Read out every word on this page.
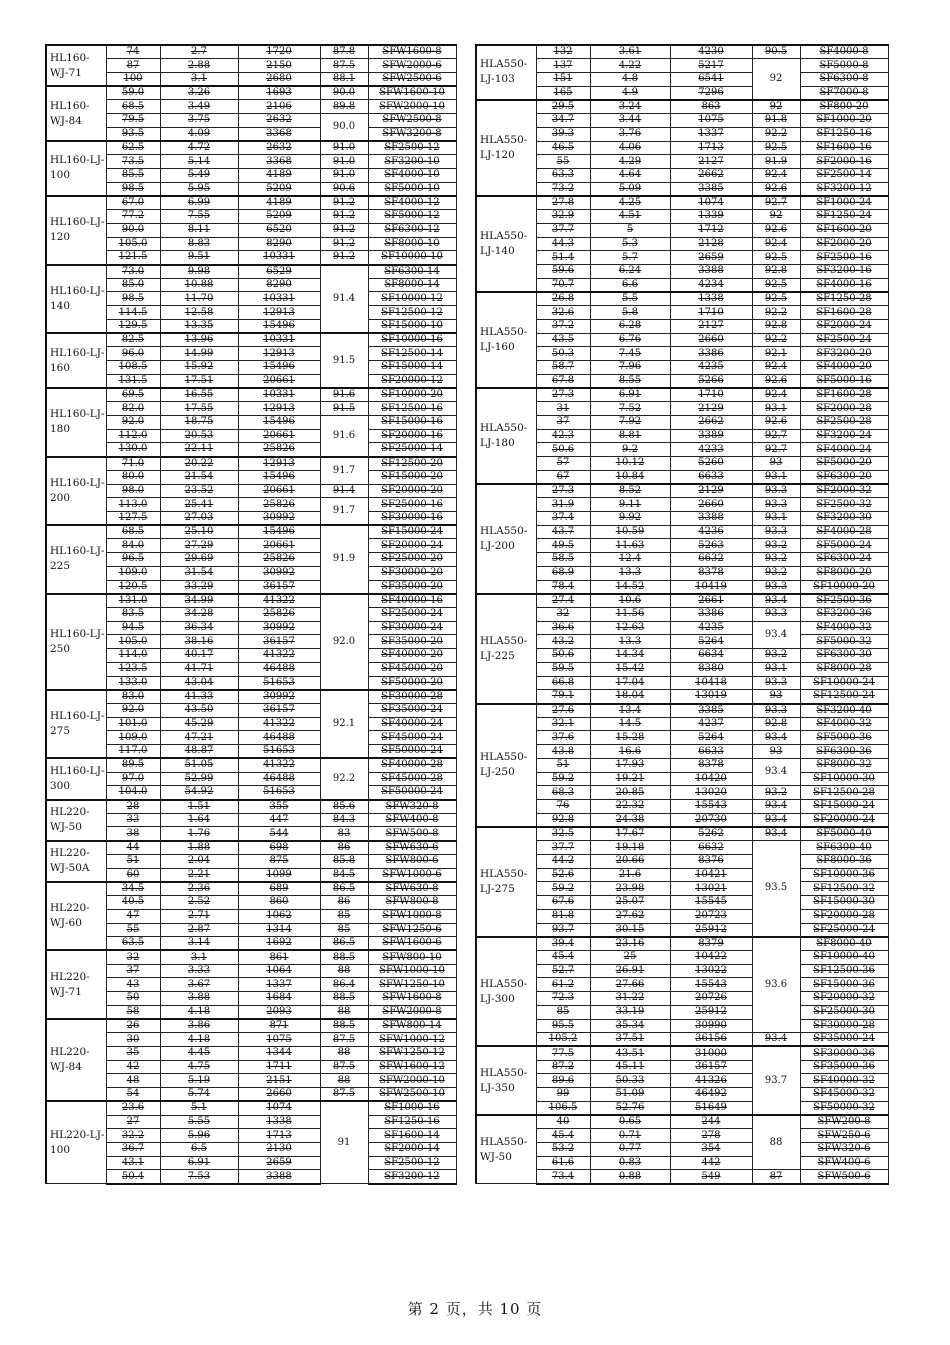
HL160-WJ-71	74	2.7	1720	87.8	SFW1600-8
	87	2.88	2150	87.5	SFW2000-6
	100	3.1	2680	88.1	SFW2500-6
HL160-WJ-84	59.0	3.26	1693	90.0	SFW1600-10
	68.5	3.49	2106	89.8	SFW2000-10
	79.5	3.75	2632	90.0	SFW2500-8
	93.5	4.09	3368		SFW3200-8
HL160-LJ-100	62.5	4.72	2632	91.0	SF2500-12
	73.5	5.14	3368	91.0	SF3200-10
	85.5	5.49	4189	91.0	SF4000-10
	98.5	5.95	5209	90.6	SF5000-10
HL160-LJ-120	67.0	6.99	4189	91.2	SF4000-12
	77.2	7.55	5209	91.2	SF5000-12
	90.0	8.11	6520	91.2	SF6300-12
	105.0	8.83	8290	91.2	SF8000-10
	121.5	9.51	10331	91.2	SF10000-10
HL160-LJ-140	73.0	9.98	6529	91.4	SF6300-14
	85.0	10.88	8290		SF8000-14
	98.5	11.70	10331		SF10000-12
	114.5	12.58	12913		SF12500-12
	129.5	13.35	15496		SF15000-10
HL160-LJ-160	82.5	13.96	10331	91.5	SF10000-16
	96.0	14.99	12913		SF12500-14
	108.5	15.92	15496		SF15000-14
	131.5	17.51	20661		SF20000-12
HL160-LJ-180	69.5	16.55	10331	91.6	SF10000-20
	82.0	17.55	12913	91.5	SF12500-16
	92.0	18.75	15496	91.6	SF15000-16
	112.0	20.53	20661		SF20000-16
	130.0	22.11	25826		SF25000-14
HL160-LJ-200	71.0	20.22	12913	91.7	SF12500-20
	80.0	21.54	15496		SF15000-20
	98.0	23.52	20661	91.4	SF20000-20
	113.0	25.41	25826	91.7	SF25000-16
	127.5	27.03	30992		SF30000-16
HL160-LJ-225	68.5	25.10	15496	91.9	SF15000-24
	84.0	27.29	20661		SF20000-24
	96.5	29.69	25826		SF25000-20
	109.0	31.54	30992		SF30000-20
	120.5	33.29	36157		SF35000-20
HL160-LJ-250	131.0	34.99	41322	92.0	SF40000-16
	83.5	34.28	25826		SF25000-24
	94.5	36.34	30992		SF30000-24
	105.0	38.16	36157		SF35000-20
	114.0	40.17	41322		SF40000-20
	123.5	41.71	46488		SF45000-20
	133.0	43.04	51653		SF50000-20
HL160-LJ-275	83.0	41.33	30992	92.1	SF30000-28
	92.0	43.50	36157		SF35000-24
	101.0	45.29	41322		SF40000-24
	109.0	47.21	46488		SF45000-24
	117.0	48.87	51653		SF50000-24
HL160-LJ-300	89.5	51.05	41322	92.2	SF40000-28
	97.0	52.99	46488		SF45000-28
	104.0	54.92	51653		SF50000-24
HL220-WJ-50	28	1.51	355	85.6	SFW320-8
	33	1.64	447	84.3	SFW400-8
	38	1.76	544	83	SFW500-8
HL220-WJ-50A	44	1.88	698	86	SFW630-6
	51	2.04	875	85.8	SFW800-6
	60	2.21	1099	84.5	SFW1000-6
HL220-WJ-60	34.5	2.36	689	86.5	SFW630-8
	40.5	2.52	860	86	SFW800-8
	47	2.71	1062	85	SFW1000-8
	55	2.87	1314	85	SFW1250-6
	63.5	3.14	1692	86.5	SFW1600-6
HL220-WJ-71	32	3.1	861	88.5	SFW800-10
	37	3.33	1064	88	SFW1000-10
	43	3.67	1337	86.4	SFW1250-10
	50	3.88	1684	88.5	SFW1600-8
	58	4.18	2093	88	SFW2000-8
HL220-WJ-84	26	3.86	871	88.5	SFW800-14
	30	4.18	1075	87.5	SFW1000-12
	35	4.45	1344	88	SFW1250-12
	42	4.75	1711	87.5	SFW1600-12
	48	5.19	2151	88	SFW2000-10
	54	5.74	2660	87.5	SFW2500-10
HL220-LJ-100	23.6	5.1	1074	91	SF1000-16
	27	5.55	1338		SF1250-16
	32.2	5.96	1713		SF1600-14
	36.7	6.5	2130		SF2000-14
	43.1	6.91	2659		SF2500-12
	50.4	7.53	3388		SF3200-12
HLA550-LJ-103	132	3.61	4230	90.5	SF4000-8
	137	4.22	5217	92	SF5000-8
	151	4.8	6541		SF6300-8
	165	4.9	7296		SF7000-8
HLA550-LJ-120	29.5	3.24	863	92	SF800-20
	34.7	3.44	1075	91.8	SF1000-20
	39.3	3.76	1337	92.2	SF1250-16
	46.5	4.06	1713	92.5	SF1600-16
	55	4.29	2127	91.9	SF2000-16
	63.3	4.64	2662	92.4	SF2500-14
	73.2	5.09	3385	92.6	SF3200-12
HLA550-LJ-140	27.8	4.25	1074	92.7	SF1000-24
	32.9	4.51	1339	92	SF1250-24
	37.7	5	1712	92.6	SF1600-20
	44.3	5.3	2128	92.4	SF2000-20
	51.4	5.7	2659	92.5	SF2500-16
	59.6	6.24	3388	92.8	SF3200-16
	70.7	6.6	4234	92.5	SF4000-16
HLA550-LJ-160	26.8	5.5	1338	92.5	SF1250-28
	32.6	5.8	1710	92.2	SF1600-28
	37.2	6.28	2127	92.8	SF2000-24
	43.5	6.76	2660	92.2	SF2500-24
	50.3	7.45	3386	92.1	SF3200-20
	58.7	7.96	4235	92.4	SF4000-20
	67.8	8.55	5266	92.6	SF5000-16
HLA550-LJ-180	27.3	6.91	1710	92.4	SF1600-28
	31	7.52	2129	93.1	SF2000-28
	37	7.92	2662	92.6	SF2500-28
	42.3	8.81	3389	92.7	SF3200-24
	50.6	9.2	4233	92.7	SF4000-24
	57	10.12	5260	93	SF5000-20
	67	10.84	6633	93.1	SF6300-20
HLA550-LJ-200	27.3	8.52	2129	93.3	SF2000-32
	31.9	9.11	2660	93.3	SF2500-32
	37.4	9.92	3388	93.1	SF3200-30
	43.7	10.59	4236	93.3	SF4000-28
	49.5	11.63	5263	93.2	SF5000-24
	58.5	12.4	6632	93.2	SF6300-24
	68.9	13.3	8378	93.2	SF8000-20
	78.4	14.52	10419	93.3	SF10000-20
HLA550-LJ-225	27.4	10.6	2661	93.4	SF2500-36
	32	11.56	3386	93.3	SF3200-36
	36.6	12.63	4235	93.4	SF4000-32
	43.2	13.3	5264		SF5000-32
	50.6	14.34	6634	93.2	SF6300-30
	59.5	15.42	8380	93.1	SF8000-28
	66.8	17.04	10418	93.3	SF10000-24
	79.1	18.04	13019	93	SF12500-24
HLA550-LJ-250	27.6	13.4	3385	93.3	SF3200-40
	32.1	14.5	4237	92.8	SF4000-32
	37.6	15.28	5264	93.4	SF5000-36
	43.8	16.6	6633	93	SF6300-36
	51	17.93	8378	93.4	SF8000-32
	59.2	19.21	10420		SF10000-30
	68.3	20.85	13020	93.2	SF12500-28
	76	22.32	15543	93.4	SF15000-24
	92.8	24.38	20730	93.4	SF20000-24
HLA550-LJ-275	32.5	17.67	5262	93.4	SF5000-40
	37.7	19.18	6632	93.5	SF6300-40
	44.2	20.66	8376		SF8000-36
	52.6	21.6	10421		SF10000-36
	59.2	23.98	13021		SF12500-32
	67.6	25.07	15545		SF15000-30
	81.8	27.62	20723		SF20000-28
	93.7	30.15	25912		SF25000-24
HLA550-LJ-300	39.4	23.16	8379	93.6	SF8000-40
	45.4	25	10422		SF10000-40
	52.7	26.91	13022		SF12500-36
	61.2	27.66	15543		SF15000-36
	72.3	31.22	20726		SF20000-32
	85	33.19	25912		SF25000-30
	95.5	35.34	30990		SF30000-28
	105.2	37.51	36156	93.4	SF35000-24
HLA550-LJ-350	77.5	43.51	31000	93.7	SF30000-36
	87.2	45.11	36157		SF35000-36
	89.6	50.33	41326		SF40000-32
	99	51.09	46492		SF45000-32
	106.5	52.76	51649		SF50000-32
HLA550-WJ-50	40	0.65	244	88	SFW200-8
	45.4	0.71	278		SFW250-6
	53.2	0.77	354		SFW320-6
	61.6	0.83	442		SFW400-6
	73.4	0.88	549	87	SFW500-6
第 2 页，共 10 页
